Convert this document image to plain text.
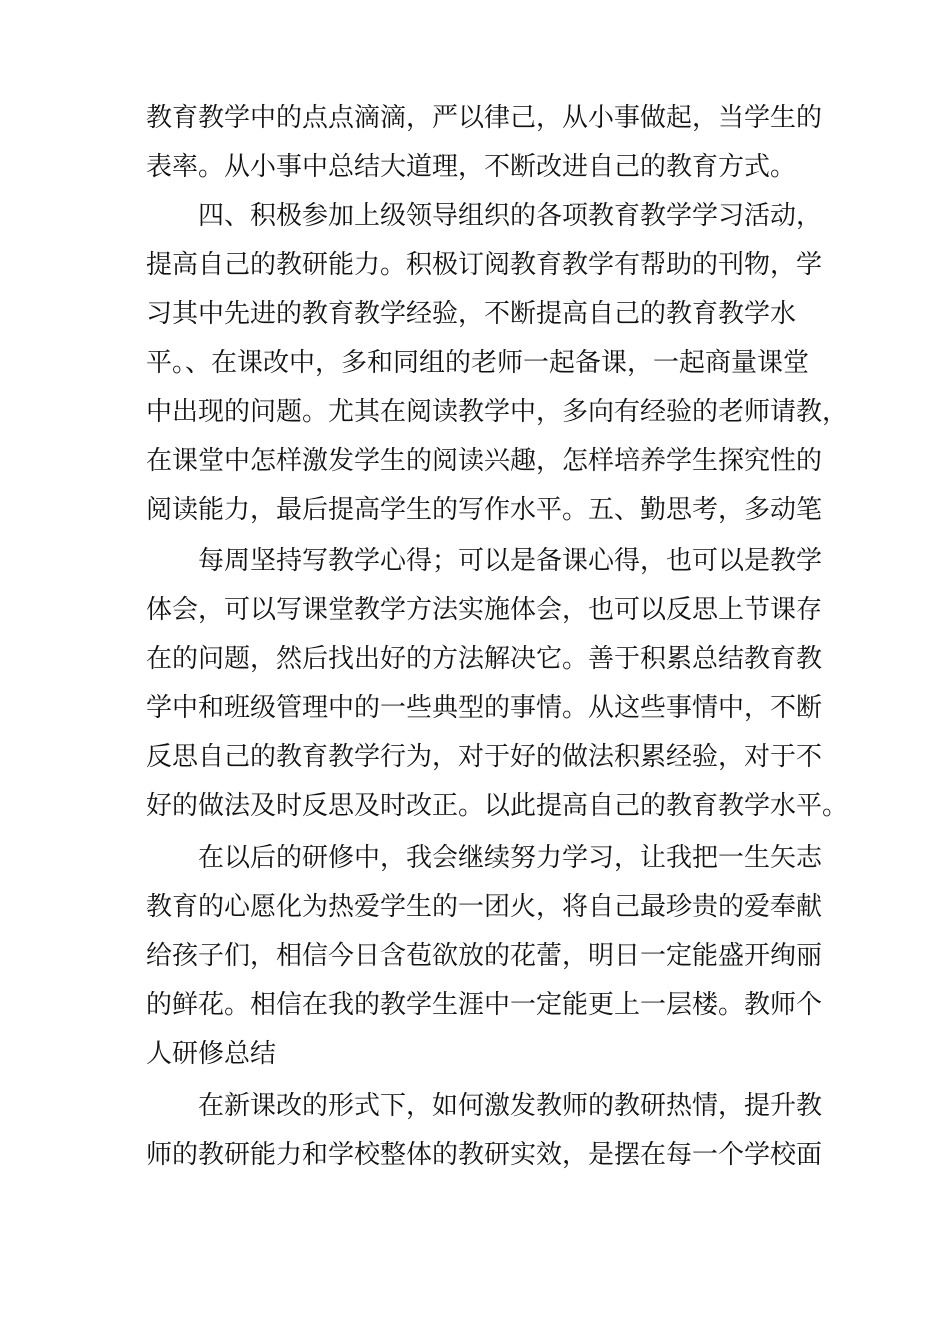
教育教学中的点点滴滴，严以律己，从小事做起，当学生的
表率。从小事中总结大道理，不断改进自己的教育方式。
四、积极参加上级领导组织的各项教育教学学习活动，
提高自己的教研能力。积极订阅教育教学有帮助的刊物，学
习其中先进的教育教学经验，不断提高自己的教育教学水
平。、在课改中，多和同组的老师一起备课，一起商量课堂
中出现的问题。尤其在阅读教学中，多向有经验的老师请教，
在课堂中怎样激发学生的阅读兴趣，怎样培养学生探究性的
阅读能力，最后提高学生的写作水平。五、勤思考，多动笔
每周坚持写教学心得；可以是备课心得，也可以是教学
体会，可以写课堂教学方法实施体会，也可以反思上节课存
在的问题，然后找出好的方法解决它。善于积累总结教育教
学中和班级管理中的一些典型的事情。从这些事情中，不断
反思自己的教育教学行为，对于好的做法积累经验，对于不
好的做法及时反思及时改正。以此提高自己的教育教学水平。
在以后的研修中，我会继续努力学习，让我把一生矢志
教育的心愿化为热爱学生的一团火，将自己最珍贵的爱奉献
给孩子们，相信今日含苞欲放的花蕾，明日一定能盛开绚丽
的鲜花。相信在我的教学生涯中一定能更上一层楼。教师个
人研修总结
在新课改的形式下，如何激发教师的教研热情，提升教
师的教研能力和学校整体的教研实效，是摆在每一个学校面
